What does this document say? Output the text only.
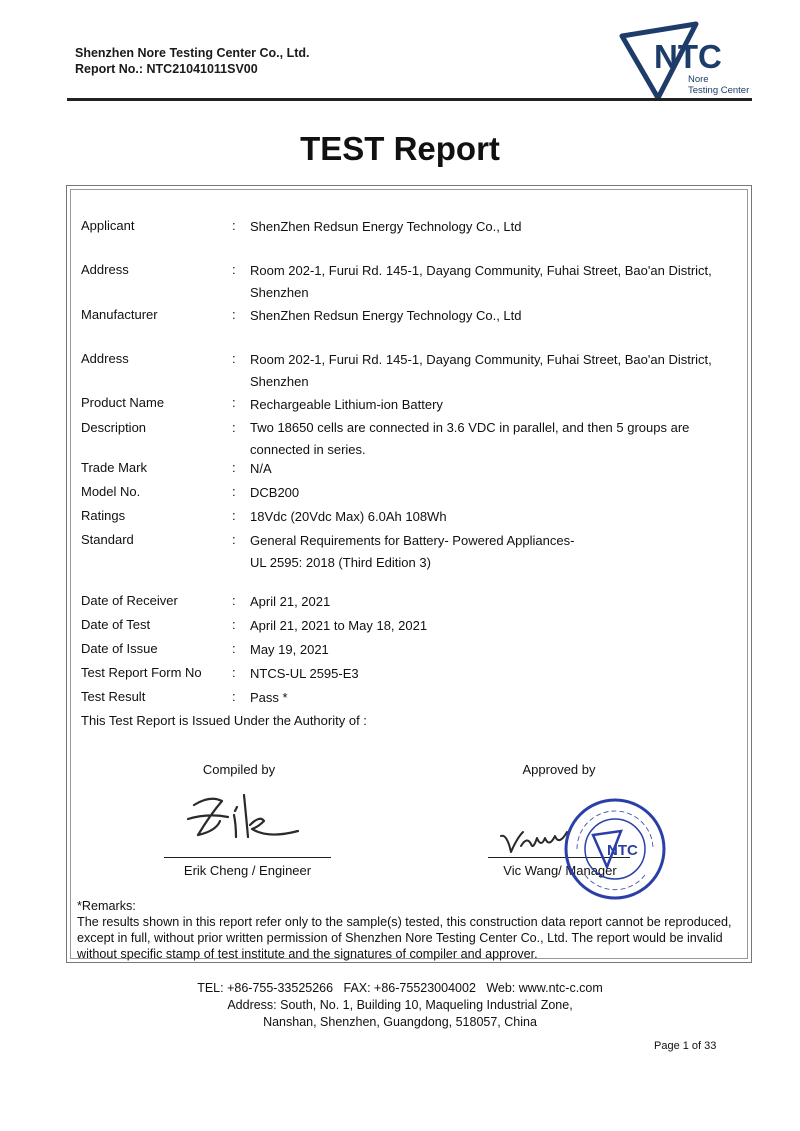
Shenzhen Nore Testing Center Co., Ltd.
Report No.: NTC21041011SV00	NTC
Nore
Testing Center
TEST Report
Applicant	: ShenZhen Redsun Energy Technology Co., Ltd
Address	: Room 202-1, Furui Rd. 145-1, Dayang Community, Fuhai Street, Bao'an District,
Shenzhen
Manufacturer	: ShenZhen Redsun Energy Technology Co., Ltd
Address	: Room 202-1, Furui Rd. 145-1, Dayang Community, Fuhai Street, Bao'an District,
Shenzhen
Product Name	: Rechargeable Lithium-ion Battery
Description	: Two 18650 cells are connected in 3.6 VDC in parallel, and then 5 groups are
connected in series.
Trade Mark	: N/A
Model No.	: DCB200
Ratings	: 18Vdc (20Vdc Max) 6.0Ah 108Wh
Standard	: General Requirements for Battery- Powered Appliances-
UL 2595: 2018 (Third Edition 3)
Date of Receiver	: April 21, 2021
Date of Test	: April 21, 2021 to May 18, 2021
Date of Issue	: May 19, 2021
Test Report Form No : NTCS-UL 2595-E3
Test Result	: Pass *
This Test Report is Issued Under the Authority of :
Compiled by	Approved by
Erik Cheng / Engineer	Vic Wang/ Manager
NTC
*Remarks:
The results shown in this report refer only to the sample(s) tested, this construction data report cannot be reproduced, except in full, without prior written permission of Shenzhen Nore Testing Center Co., Ltd. The report would be invalid without specific stamp of test institute and the signatures of compiler and approver.
TEL: +86-755-33525266   FAX: +86-75523004002   Web: www.ntc-c.com
Address: South, No. 1, Building 10, Maqueling Industrial Zone,
Nanshan, Shenzhen, Guangdong, 518057, China
Page 1 of 33
